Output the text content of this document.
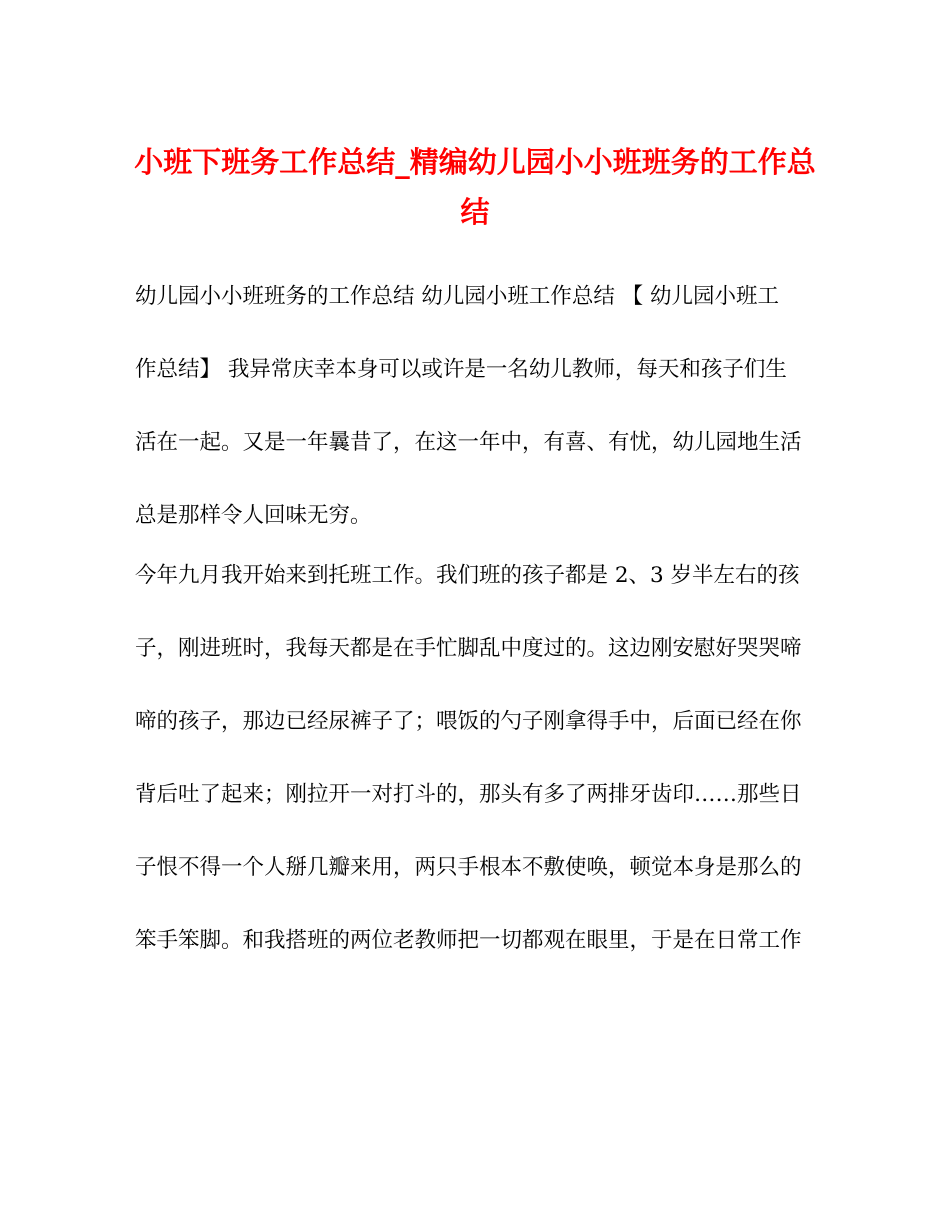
小班下班务工作总结_精编幼儿园小小班班务的工作总
结
幼儿园小小班班务的工作总结 幼儿园小班工作总结 【 幼儿园小班工
作总结】 我异常庆幸本身可以或许是一名幼儿教师，每天和孩子们生
活在一起。又是一年曩昔了，在这一年中，有喜、有忧，幼儿园地生活
总是那样令人回味无穷。
今年九月我开始来到托班工作。我们班的孩子都是 2、3 岁半左右的孩
子，刚进班时，我每天都是在手忙脚乱中度过的。这边刚安慰好哭哭啼
啼的孩子，那边已经尿裤子了；喂饭的勺子刚拿得手中，后面已经在你
背后吐了起来；刚拉开一对打斗的，那头有多了两排牙齿印……那些日
子恨不得一个人掰几瓣来用，两只手根本不敷使唤，顿觉本身是那么的
笨手笨脚。和我搭班的两位老教师把一切都观在眼里，于是在日常工作
